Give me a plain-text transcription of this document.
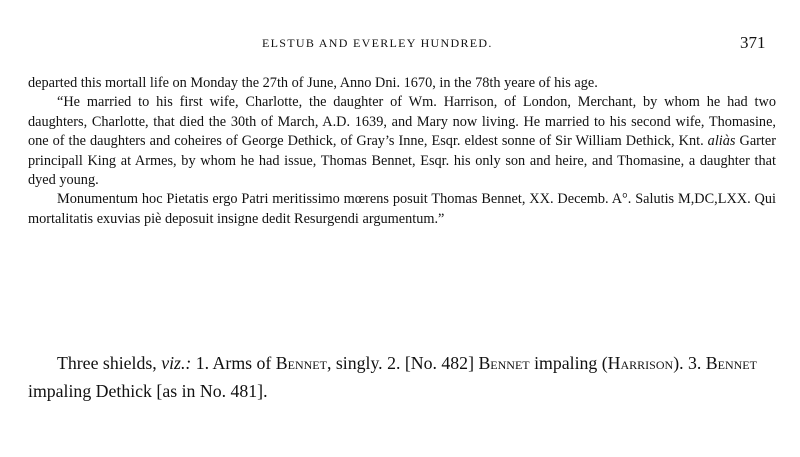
ELSTUB AND EVERLEY HUNDRED.	371

departed this mortall life on Monday the 27th of June, Anno Dni. 1670, in the 78th yeare of his age.

“He married to his first wife, Charlotte, the daughter of Wm. Harrison, of London, Merchant, by whom he had two daughters, Charlotte, that died the 30th of March, A.D. 1639, and Mary now living. He married to his second wife, Thomasine, one of the daughters and coheires of George Dethick, of Gray’s Inne, Esqr. eldest sonne of Sir William Dethick, Knt. aliàs Garter principall King at Armes, by whom he had issue, Thomas Bennet, Esqr. his only son and heire, and Thomasine, a daughter that dyed young.

Monumentum hoc Pietatis ergo Patri meritissimo mœrens posuit Thomas Bennet, XX. Decemb. A°. Salutis M,DC,LXX. Qui mortalitatis exuvias piè deposuit insigne dedit Resurgendi argumentum.”

Three shields, viz.: 1. Arms of Bennet, singly. 2. [No. 482] Bennet impaling (Harrison). 3. Bennet impaling Dethick [as in No. 481].
